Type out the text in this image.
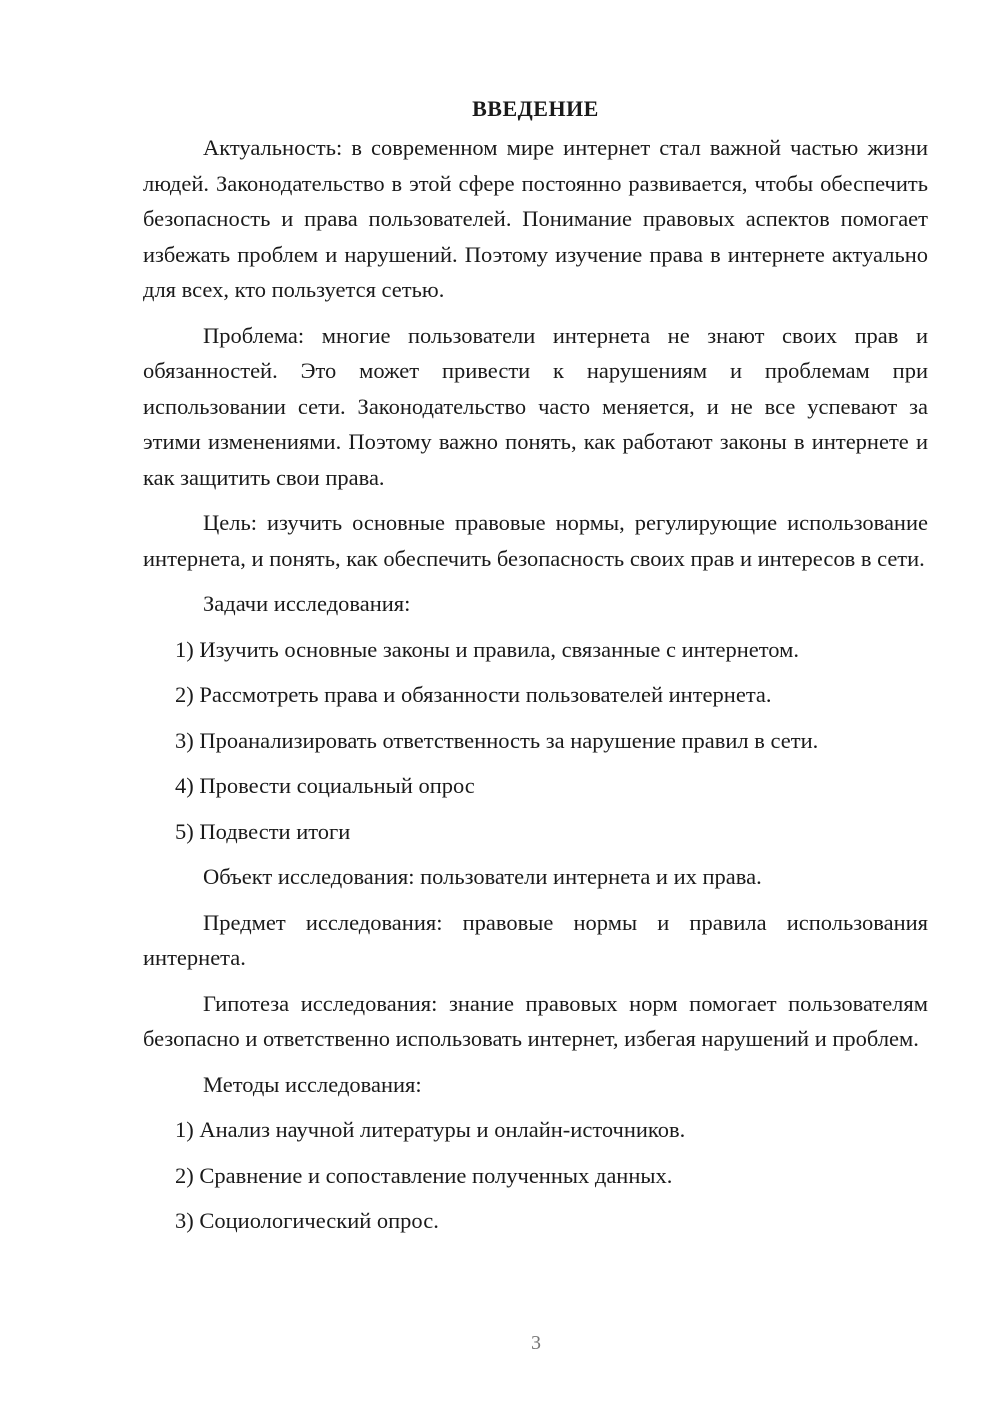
ВВЕДЕНИЕ

Актуальность: в современном мире интернет стал важной частью жизни людей. Законодательство в этой сфере постоянно развивается, чтобы обеспечить безопасность и права пользователей. Понимание правовых аспектов помогает избежать проблем и нарушений. Поэтому изучение права в интернете актуально для всех, кто пользуется сетью.

Проблема: многие пользователи интернета не знают своих прав и обязанностей. Это может привести к нарушениям и проблемам при использовании сети. Законодательство часто меняется, и не все успевают за этими изменениями. Поэтому важно понять, как работают законы в интернете и как защитить свои права.

Цель: изучить основные правовые нормы, регулирующие использование интернета, и понять, как обеспечить безопасность своих прав и интересов в сети.

Задачи исследования:

1) Изучить основные законы и правила, связанные с интернетом.
2) Рассмотреть права и обязанности пользователей интернета.
3) Проанализировать ответственность за нарушение правил в сети.
4) Провести социальный опрос
5) Подвести итоги

Объект исследования: пользователи интернета и их права.

Предмет исследования: правовые нормы и правила использования интернета.

Гипотеза исследования: знание правовых норм помогает пользователям безопасно и ответственно использовать интернет, избегая нарушений и проблем.

Методы исследования:

1) Анализ научной литературы и онлайн-источников.
2) Сравнение и сопоставление полученных данных.
3) Социологический опрос.
3
